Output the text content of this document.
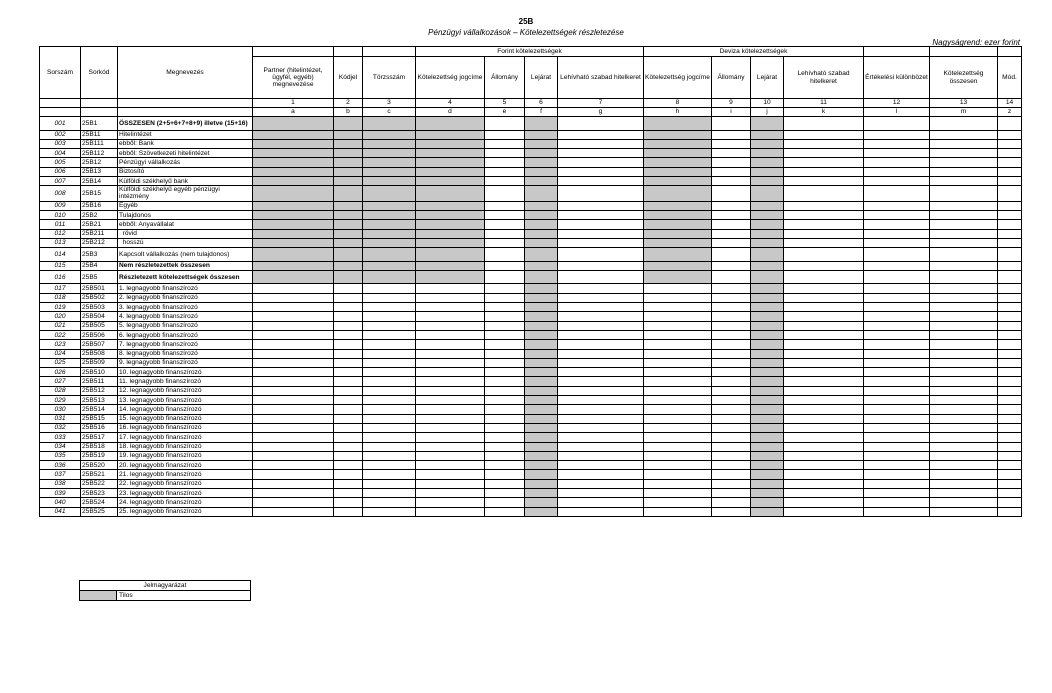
25B
Pénzügyi vállalkozások – Kötelezettségek részletezése
Nagyságrend: ezer forint
Sorszám	Sorkód	Megnevezés				Forint kötelezettségek				Deviza kötelezettségek						
			Partner (hitelintézet, ügyfél, egyéb) megnevezése	Kódjel	Törzsszám	Kötelezettség jogcíme	Állomány	Lejárat	Lehívható szabad hitelkeret	Kötelezettség jogcíme	Állomány	Lejárat	Lehívható szabad hitelkeret	Értékelési különbözet	Kötelezettség összesen	Mód.
			1	2	3	4	5	6	7	8	9	10	11	12	13	14
			a	b	c	d	e	f	g	h	i	j	k	l	m	z
001	25B1	ÖSSZESEN (2+5+6+7+8+9) illetve (15+16)														
002	25B11	Hitelintézet														
003	25B111	ebből: Bank														
004	25B112	ebből: Szövetkezeti hitelintézet														
005	25B12	Pénzügyi vállalkozás														
006	25B13	Biztosító														
007	25B14	Külföldi székhelyű bank														
008	25B15	Külföldi székhelyű egyéb pénzügyi intézmény														
009	25B16	Egyéb														
010	25B2	Tulajdonos														
011	25B21	ebből: Anyavállalat														
012	25B211	rövid														
013	25B212	hosszú														
014	25B3	Kapcsolt vállalkozás (nem tulajdonos)														
015	25B4	Nem részletezettek összesen														
016	25B5	Részletezett kötelezettségek összesen														
017	25B501	1. legnagyobb finanszírozó														
018	25B502	2. legnagyobb finanszírozó														
019	25B503	3. legnagyobb finanszírozó														
020	25B504	4. legnagyobb finanszírozó														
021	25B505	5. legnagyobb finanszírozó														
022	25B506	6. legnagyobb finanszírozó														
023	25B507	7. legnagyobb finanszírozó														
024	25B508	8. legnagyobb finanszírozó														
025	25B509	9. legnagyobb finanszírozó														
026	25B510	10. legnagyobb finanszírozó														
027	25B511	11. legnagyobb finanszírozó														
028	25B512	12. legnagyobb finanszírozó														
029	25B513	13. legnagyobb finanszírozó														
030	25B514	14. legnagyobb finanszírozó														
031	25B515	15. legnagyobb finanszírozó														
032	25B516	16. legnagyobb finanszírozó														
033	25B517	17. legnagyobb finanszírozó														
034	25B518	18. legnagyobb finanszírozó														
035	25B519	19. legnagyobb finanszírozó														
036	25B520	20. legnagyobb finanszírozó														
037	25B521	21. legnagyobb finanszírozó														
038	25B522	22. legnagyobb finanszírozó														
039	25B523	23. legnagyobb finanszírozó														
040	25B524	24. legnagyobb finanszírozó														
041	25B525	25. legnagyobb finanszírozó														
Jelmagyarázat
	Tilos
